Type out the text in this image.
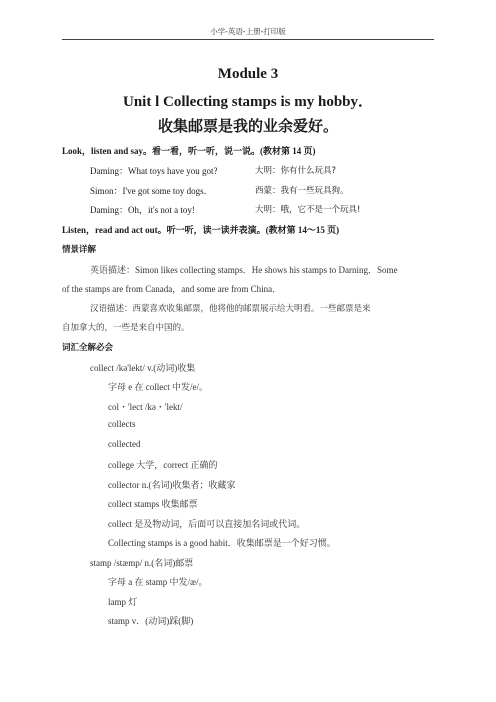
小学-英语-上册-打印版
Module 3
Unit l Collecting stamps is my hobby．
收集邮票是我的业余爱好。
Look，listen and say。看一看，听一听，说一说。(教材第 14 页)
Daming：What toys have you got?	大明：你有什么玩具?
Simon：I've got some toy dogs．	西蒙：我有一些玩具狗。
Daming：Oh，it's not a toy!	大明：哦，它不是一个玩具!
Listen，read and act out。听一听，读一读并表演。(教材第 14～15 页)
情景详解
英语描述：Simon likes collecting stamps．He shows his stamps to Darning．Some
of the stamps are from Canada，and some are from China．
汉语描述：西蒙喜欢收集邮票，他将他的邮票展示给大明看。一些邮票是来
自加拿大的，一些是来自中国的。
词汇全解必会
collect /kə'lekt/ v.(动词)收集
字母 e 在 collect 中发/e/。
col・'lect /kə・'lekt/
collects
collected
college 大学，correct 正确的
collector n.(名词)收集者；收藏家
collect stamps 收集邮票
collect 是及物动词，后面可以直接加名词或代词。
Collecting stamps is a good habit．收集邮票是一个好习惯。
stamp /stæmp/ n.(名词)邮票
字母 a 在 stamp 中发/æ/。
lamp 灯
stamp v．(动词)踩(脚)
